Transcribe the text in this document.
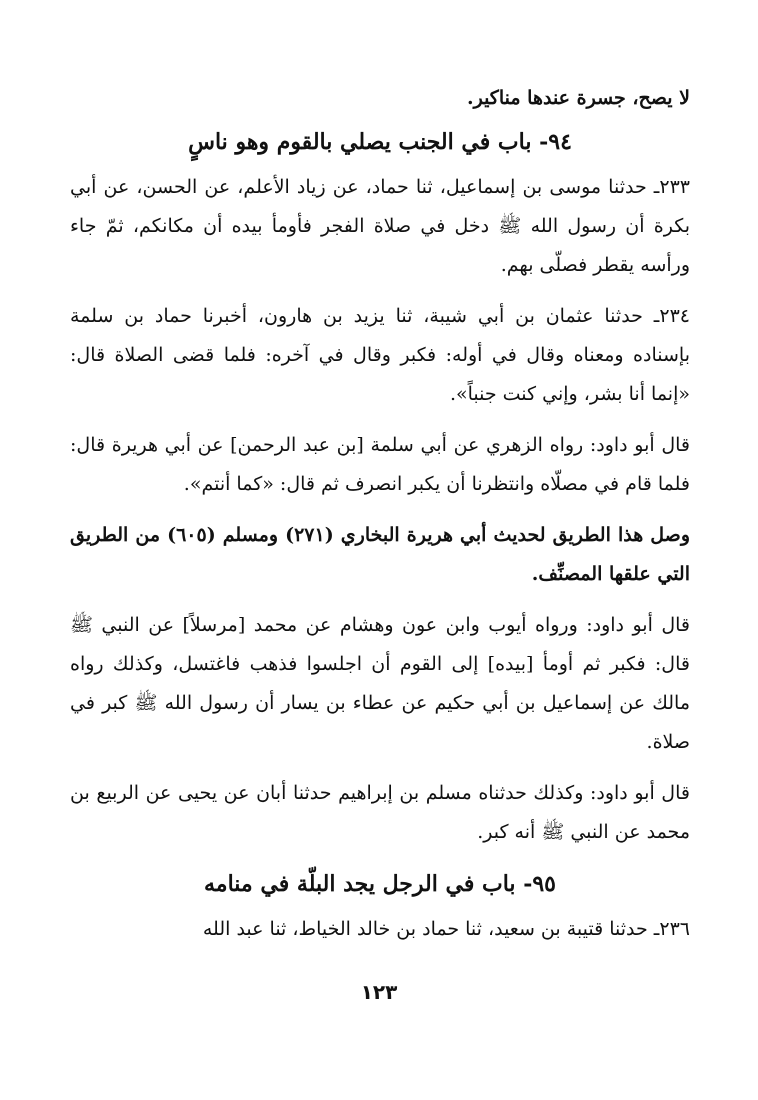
لا يصح، جسرة عندها مناكير.
٩٤- باب في الجنب يصلي بالقوم وهو ناسٍ

٢٣٣ـ حدثنا موسى بن إسماعيل، ثنا حماد، عن زياد الأعلم، عن الحسن، عن أبي بكرة أن رسول الله ﷺ دخل في صلاة الفجر فأومأ بيده أن مكانكم، ثمّ جاء ورأسه يقطر فصلّى بهم.

٢٣٤ـ حدثنا عثمان بن أبي شيبة، ثنا يزيد بن هارون، أخبرنا حماد بن سلمة بإسناده ومعناه وقال في أوله: فكبر وقال في آخره: فلما قضى الصلاة قال: «إنما أنا بشر، وإني كنت جنباً».

قال أبو داود: رواه الزهري عن أبي سلمة [بن عبد الرحمن] عن أبي هريرة قال: فلما قام في مصلّاه وانتظرنا أن يكبر انصرف ثم قال: «كما أنتم».

وصل هذا الطريق لحديث أبي هريرة البخاري (٢٧١) ومسلم (٦٠٥) من الطريق التي علقها المصنِّف.

قال أبو داود: ورواه أيوب وابن عون وهشام عن محمد [مرسلاً] عن النبي ﷺ قال: فكبر ثم أومأ [بيده] إلى القوم أن اجلسوا فذهب فاغتسل، وكذلك رواه مالك عن إسماعيل بن أبي حكيم عن عطاء بن يسار أن رسول الله ﷺ كبر في صلاة.

قال أبو داود: وكذلك حدثناه مسلم بن إبراهيم حدثنا أبان عن يحيى عن الربيع بن محمد عن النبي ﷺ أنه كبر.

٩٥- باب في الرجل يجد البلّة في منامه

٢٣٦ـ حدثنا قتيبة بن سعيد، ثنا حماد بن خالد الخياط، ثنا عبد الله

١٢٣
